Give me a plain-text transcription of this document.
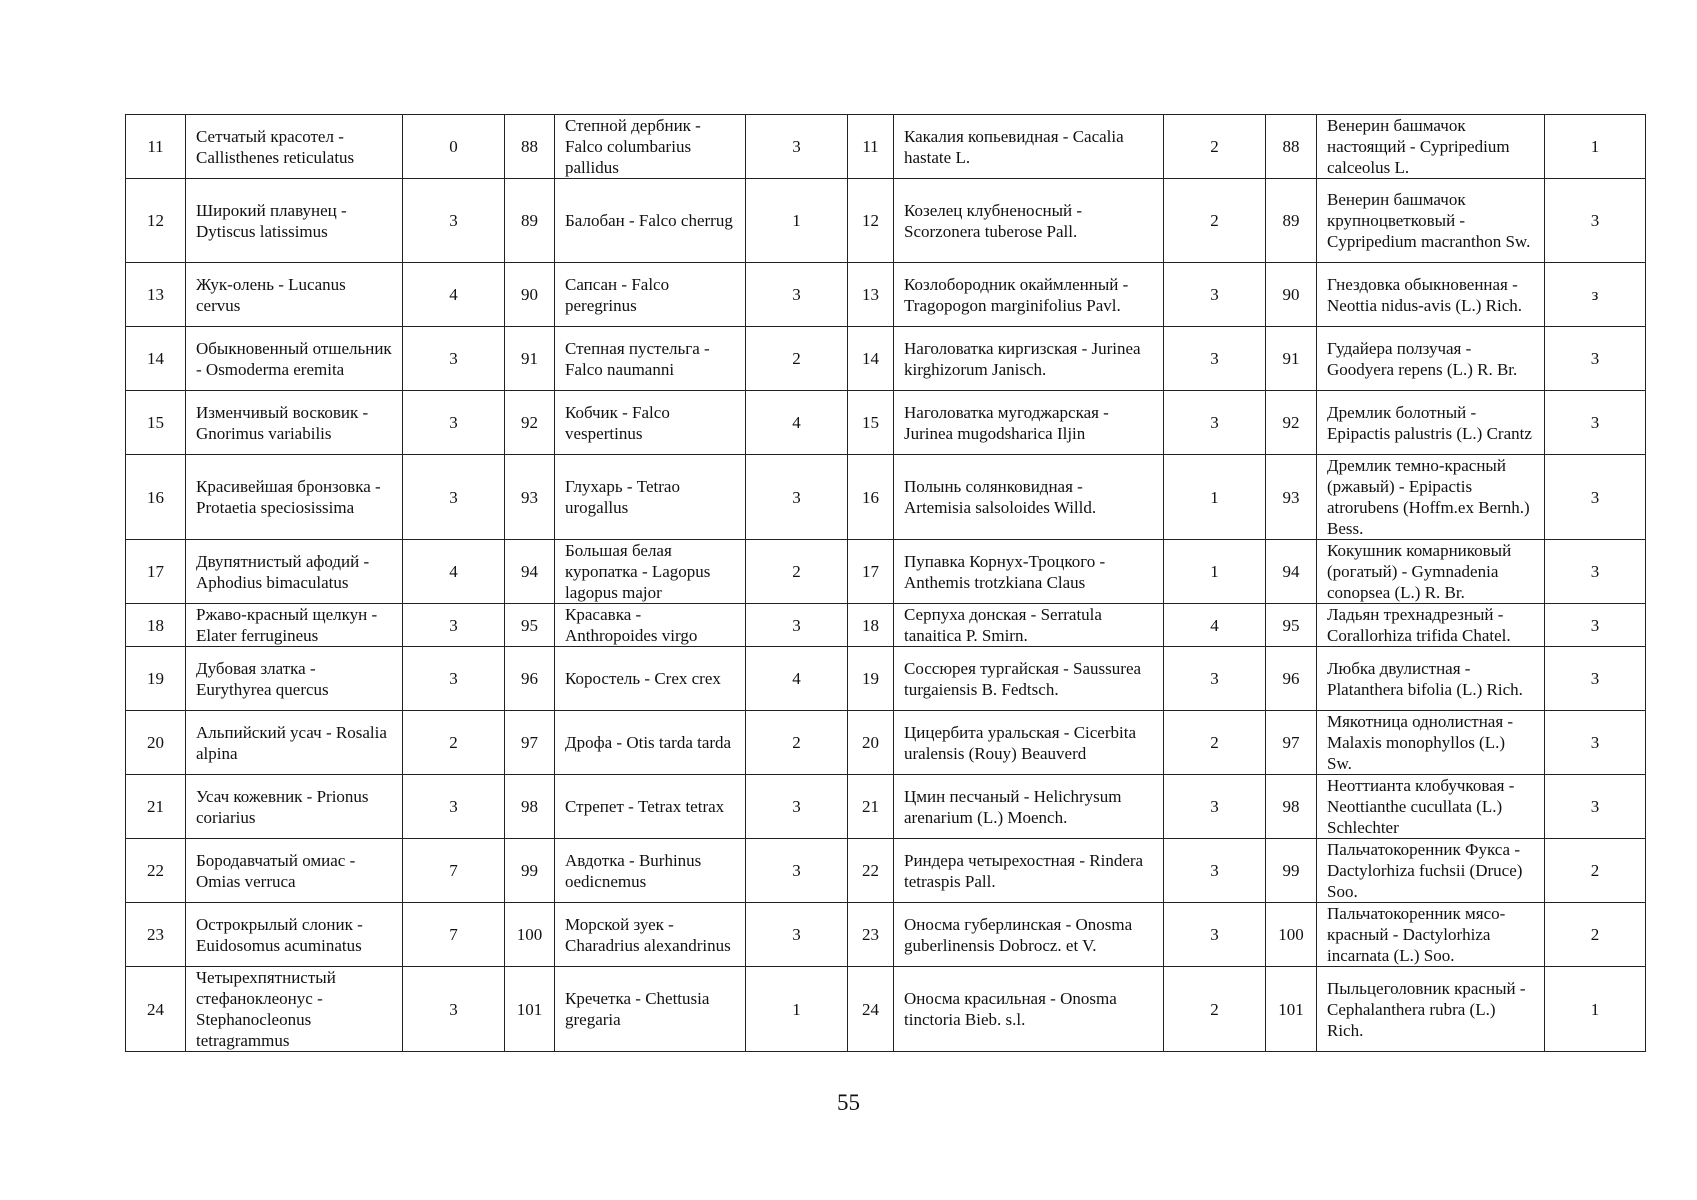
11	Сетчатый красотел - Callisthenes reticulatus	0	88	Степной дербник - Falco columbarius pallidus	3	11	Какалия копьевидная - Cacalia hastate L.	2	88	Венерин башмачок настоящий - Cypripedium calceolus L.	1
12	Широкий плавунец - Dytiscus latissimus	3	89	Балобан - Falco cherrug	1	12	Козелец клубненосный - Scorzonera tuberose Pall.	2	89	Венерин башмачок крупноцветковый - Cypripedium macranthon Sw.	3
13	Жук-олень - Lucanus cervus	4	90	Сапсан - Falco peregrinus	3	13	Козлобородник окаймленный - Tragopogon marginifolius Pavl.	3	90	Гнездовка обыкновенная - Neottia nidus-avis (L.) Rich.	з
14	Обыкновенный отшельник - Osmoderma eremita	3	91	Степная пустельга - Falco naumanni	2	14	Наголоватка киргизская - Jurinea kirghizorum Janisch.	3	91	Гудайера ползучая - Goodyera repens (L.) R. Br.	3
15	Изменчивый восковик - Gnorimus variabilis	3	92	Кобчик - Falco vespertinus	4	15	Наголоватка мугоджарская - Jurinea mugodsharica Iljin	3	92	Дремлик болотный - Epipactis palustris (L.) Crantz	3
16	Красивейшая бронзовка - Protaetia speciosissima	3	93	Глухарь - Tetrao urogallus	3	16	Полынь солянковидная - Artemisia salsoloides Willd.	1	93	Дремлик темно-красный (ржавый) - Epipactis atrorubens (Hoffm.ex Bernh.) Bess.	3
17	Двупятнистый афодий - Aphodius bimaculatus	4	94	Большая белая куропатка - Lagopus lagopus major	2	17	Пупавка Корнух-Троцкого - Anthemis trotzkiana Claus	1	94	Кокушник комарниковый (рогатый) - Gymnadenia conopsea (L.) R. Br.	3
18	Ржаво-красный щелкун - Elater ferrugineus	3	95	Красавка - Anthropoides virgo	3	18	Серпуха донская - Serratula tanaitica P. Smirn.	4	95	Ладьян трехнадрезный - Corallorhiza trifida Chatel.	3
19	Дубовая златка - Eurythyrea quercus	3	96	Коростель - Crex crex	4	19	Соссюрея тургайская - Saussurea turgaiensis B. Fedtsch.	3	96	Любка двулистная - Platanthera bifolia (L.) Rich.	3
20	Альпийский усач - Rosalia alpina	2	97	Дрофа - Otis tarda tarda	2	20	Цицербита уральская - Cicerbita uralensis (Rouy) Beauverd	2	97	Мякотница однолистная - Malaxis monophyllos (L.) Sw.	3
21	Усач кожевник - Prionus coriarius	3	98	Стрепет - Tetrax tetrax	3	21	Цмин песчаный - Helichrysum arenarium (L.) Moench.	3	98	Неоттианта клобучковая - Neottianthe cucullata (L.) Schlechter	3
22	Бородавчатый омиас - Omias verruca	7	99	Авдотка - Burhinus oedicnemus	3	22	Риндера четырехостная - Rindera tetraspis Pall.	3	99	Пальчатокоренник Фукса - Dactylorhiza fuchsii (Druce) Soo.	2
23	Острокрылый слоник - Euidosomus acuminatus	7	100	Морской зуек - Charadrius alexandrinus	3	23	Оносма губерлинская - Onosma guberlinensis Dobrocz. et V.	3	100	Пальчатокоренник мясо-красный - Dactylorhiza incarnata (L.) Soo.	2
24	Четырехпятнистый стефаноклеонус - Stephanocleonus tetragrammus	3	101	Кречетка - Chettusia gregaria	1	24	Оносма красильная - Onosma tinctoria Bieb. s.l.	2	101	Пыльцеголовник красный - Cephalanthera rubra (L.) Rich.	1
55
